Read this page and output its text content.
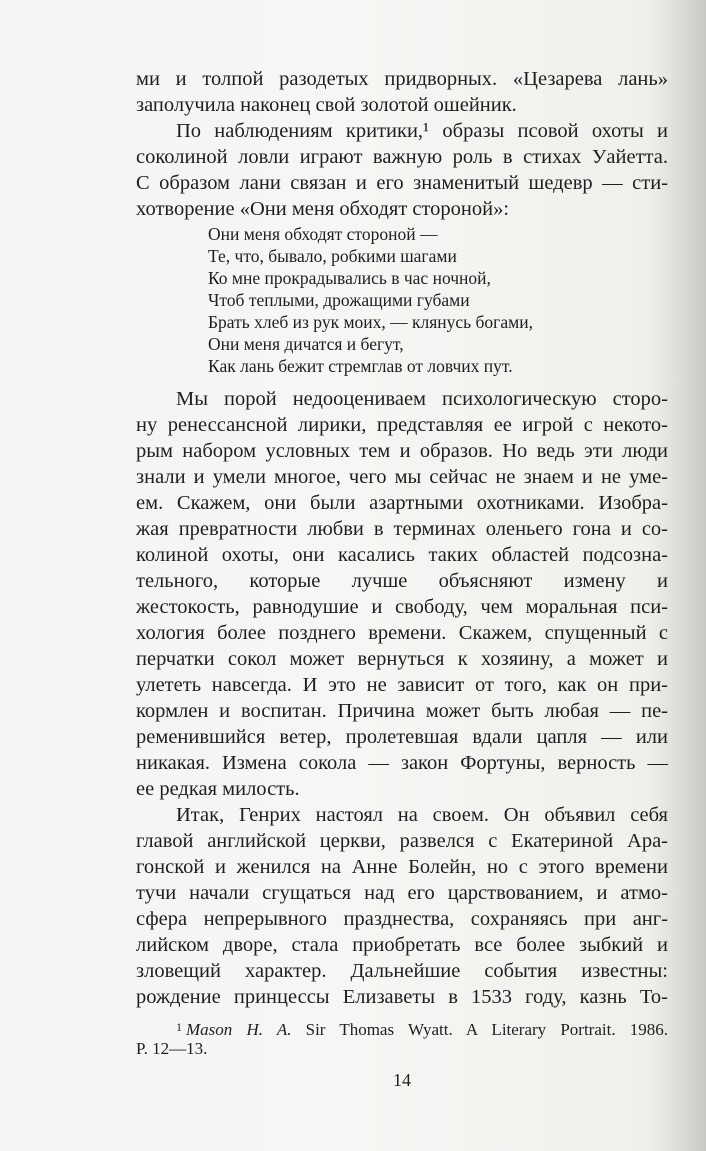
ми и толпой разодетых придворных. «Цезарева лань»
заполучила наконец свой золотой ошейник.
По наблюдениям критики,¹ образы псовой охоты и
соколиной ловли играют важную роль в стихах Уайетта.
С образом лани связан и его знаменитый шедевр — сти-
хотворение «Они меня обходят стороной»:
Они меня обходят стороной —
Те, что, бывало, робкими шагами
Ко мне прокрадывались в час ночной,
Чтоб теплыми, дрожащими губами
Брать хлеб из рук моих, — клянусь богами,
Они меня дичатся и бегут,
Как лань бежит стремглав от ловчих пут.
Мы порой недооцениваем психологическую сторо-
ну ренессансной лирики, представляя ее игрой с некото-
рым набором условных тем и образов. Но ведь эти люди
знали и умели многое, чего мы сейчас не знаем и не уме-
ем. Скажем, они были азартными охотниками. Изобра-
жая превратности любви в терминах оленьего гона и со-
колиной охоты, они касались таких областей подсозна-
тельного, которые лучше объясняют измену и
жестокость, равнодушие и свободу, чем моральная пси-
хология более позднего времени. Скажем, спущенный с
перчатки сокол может вернуться к хозяину, а может и
улететь навсегда. И это не зависит от того, как он при-
кормлен и воспитан. Причина может быть любая — пе-
ременившийся ветер, пролетевшая вдали цапля — или
никакая. Измена сокола — закон Фортуны, верность —
ее редкая милость.
Итак, Генрих настоял на своем. Он объявил себя
главой английской церкви, развелся с Екатериной Ара-
гонской и женился на Анне Болейн, но с этого времени
тучи начали сгущаться над его царствованием, и атмо-
сфера непрерывного празднества, сохраняясь при анг-
лийском дворе, стала приобретать все более зыбкий и
зловещий характер. Дальнейшие события известны:
рождение принцессы Елизаветы в 1533 году, казнь То-
$^1$ Mason H. A. Sir Thomas Wyatt. A Literary Portrait. 1986.
P. 12—13.
14
